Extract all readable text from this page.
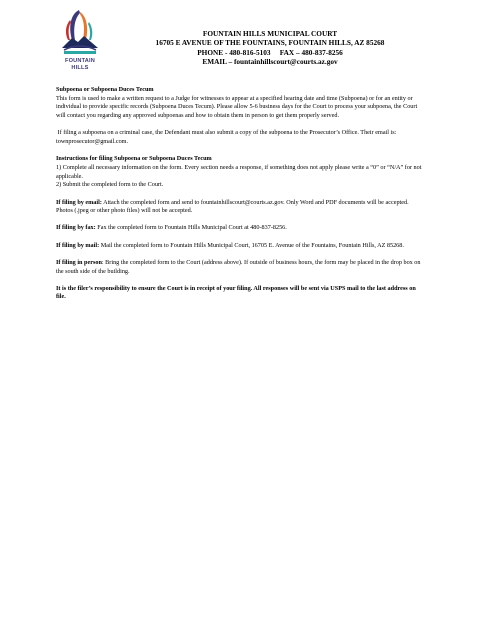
FOUNTAIN
HILLS
FOUNTAIN HILLS MUNICIPAL COURT
16705 E AVENUE OF THE FOUNTAINS, FOUNTAIN HILLS, AZ 85268
PHONE - 480-816-5103     FAX – 480-837-8256
EMAIL – fountainhillscourt@courts.az.gov

Subpoena or Subpoena Duces Tecum

This form is used to make a written request to a Judge for witnesses to appear at a specified hearing date and time (Subpoena) or for an entity or individual to provide specific records (Subpoena Duces Tecum). Please allow 5-6 business days for the Court to process your subpoena, the Court will contact you regarding any approved subpoenas and how to obtain them in person to get them properly served.

If filing a subpoena on a criminal case, the Defendant must also submit a copy of the subpoena to the Prosecutor’s Office. Their email is: townprosecutor@gmail.com.

Instructions for filing Subpoena or Subpoena Duces Tecum

1) Complete all necessary information on the form. Every section needs a response, if something does not apply please write a “0” or “N/A” for not applicable.

2) Submit the completed form to the Court.

If filing by email: Attach the completed form and send to fountainhillscourt@courts.az.gov. Only Word and PDF documents will be accepted. Photos (.jpeg or other photo files) will not be accepted.

If filing by fax: Fax the completed form to Fountain Hills Municipal Court at 480-837-8256.

If filing by mail: Mail the completed form to Fountain Hills Municipal Court, 16705 E. Avenue of the Fountains, Fountain Hills, AZ 85268.

If filing in person: Bring the completed form to the Court (address above). If outside of business hours, the form may be placed in the drop box on the south side of the building.

It is the filer’s responsibility to ensure the Court is in receipt of your filing. All responses will be sent via USPS mail to the last address on file.
